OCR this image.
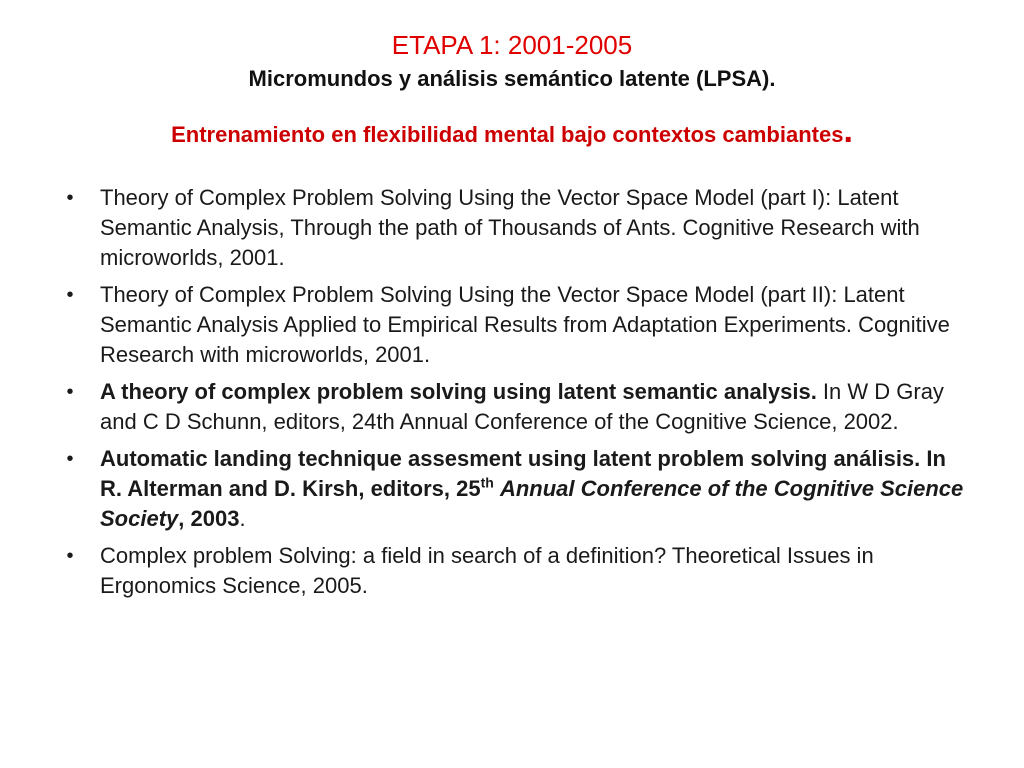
ETAPA 1: 2001-2005

Micromundos y análisis semántico latente (LPSA).

Entrenamiento en flexibilidad mental bajo contextos cambiantes.

• Theory of Complex Problem Solving Using the Vector Space Model (part I): Latent Semantic Analysis, Through the path of Thousands of Ants. Cognitive Research with microworlds, 2001.
• Theory of Complex Problem Solving Using the Vector Space Model (part II): Latent Semantic Analysis Applied to Empirical Results from Adaptation Experiments. Cognitive Research with microworlds, 2001.
• A theory of complex problem solving using latent semantic analysis. In W D Gray and C D Schunn, editors, 24th Annual Conference of the Cognitive Science, 2002.
• Automatic landing technique assesment using latent problem solving análisis. In R. Alterman and D. Kirsh, editors, 25th Annual Conference of the Cognitive Science Society, 2003.
• Complex problem Solving: a field in search of a definition? Theoretical Issues in Ergonomics Science, 2005.
